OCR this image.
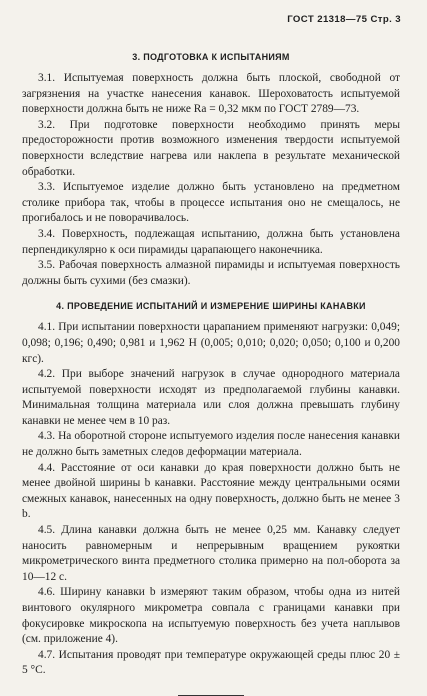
ГОСТ 21318—75 Стр. 3
3. ПОДГОТОВКА К ИСПЫТАНИЯМ

3.1. Испытуемая поверхность должна быть плоской, свободной от загрязнения на участке нанесения канавок. Шероховатость испытуемой поверхности должна быть не ниже Ra = 0,32 мкм по ГОСТ 2789—73.

3.2. При подготовке поверхности необходимо принять меры предосторожности против возможного изменения твердости испытуемой поверхности вследствие нагрева или наклепа в результате механической обработки.

3.3. Испытуемое изделие должно быть установлено на предметном столике прибора так, чтобы в процессе испытания оно не смещалось, не прогибалось и не поворачивалось.

3.4. Поверхность, подлежащая испытанию, должна быть установлена перпендикулярно к оси пирамиды царапающего наконечника.

3.5. Рабочая поверхность алмазной пирамиды и испытуемая поверхность должны быть сухими (без смазки).

4. ПРОВЕДЕНИЕ ИСПЫТАНИЙ И ИЗМЕРЕНИЕ ШИРИНЫ КАНАВКИ

4.1. При испытании поверхности царапанием применяют нагрузки: 0,049; 0,098; 0,196; 0,490; 0,981 и 1,962 Н (0,005; 0,010; 0,020; 0,050; 0,100 и 0,200 кгс).

4.2. При выборе значений нагрузок в случае однородного материала испытуемой поверхности исходят из предполагаемой глубины канавки. Минимальная толщина материала или слоя должна превышать глубину канавки не менее чем в 10 раз.

4.3. На оборотной стороне испытуемого изделия после нанесения канавки не должно быть заметных следов деформации материала.

4.4. Расстояние от оси канавки до края поверхности должно быть не менее двойной ширины b канавки. Расстояние между центральными осями смежных канавок, нанесенных на одну поверхность, должно быть не менее 3 b.

4.5. Длина канавки должна быть не менее 0,25 мм. Канавку следует наносить равномерным и непрерывным вращением рукоятки микрометрического винта предметного столика примерно на пол-оборота за 10—12 с.

4.6. Ширину канавки b измеряют таким образом, чтобы одна из нитей винтового окулярного микрометра совпала с границами канавки при фокусировке микроскопа на испытуемую поверхность без учета наплывов (см. приложение 4).

4.7. Испытания проводят при температуре окружающей среды плюс 20 ± 5 °С.
